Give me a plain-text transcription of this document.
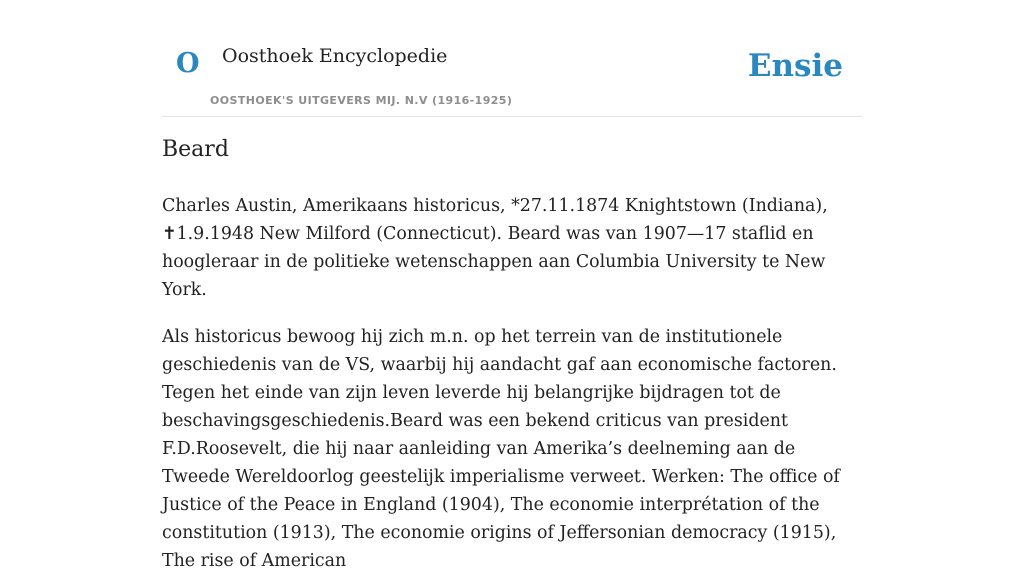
O Oosthoek Encyclopedie
OOSTHOEK'S UITGEVERS MIJ. N.V (1916-1925)
Ensie
Beard

Charles Austin, Amerikaans historicus, *27.11.1874 Knightstown (Indiana), ✝1.9.1948 New Milford (Connecticut). Beard was van 1907—17 staflid en hoogleraar in de politieke wetenschappen aan Columbia University te New York.

Als historicus bewoog hij zich m.n. op het terrein van de institutionele geschiedenis van de VS, waarbij hij aandacht gaf aan economische factoren. Tegen het einde van zijn leven leverde hij belangrijke bijdragen tot de beschavingsgeschiedenis.Beard was een bekend criticus van president F.D.Roosevelt, die hij naar aanleiding van Amerika’s deelneming aan de Tweede Wereldoorlog geestelijk imperialisme verweet. Werken: The office of Justice of the Peace in England (1904), The economie interprétation of the constitution (1913), The economie origins of Jeffersonian democracy (1915), The rise of American
